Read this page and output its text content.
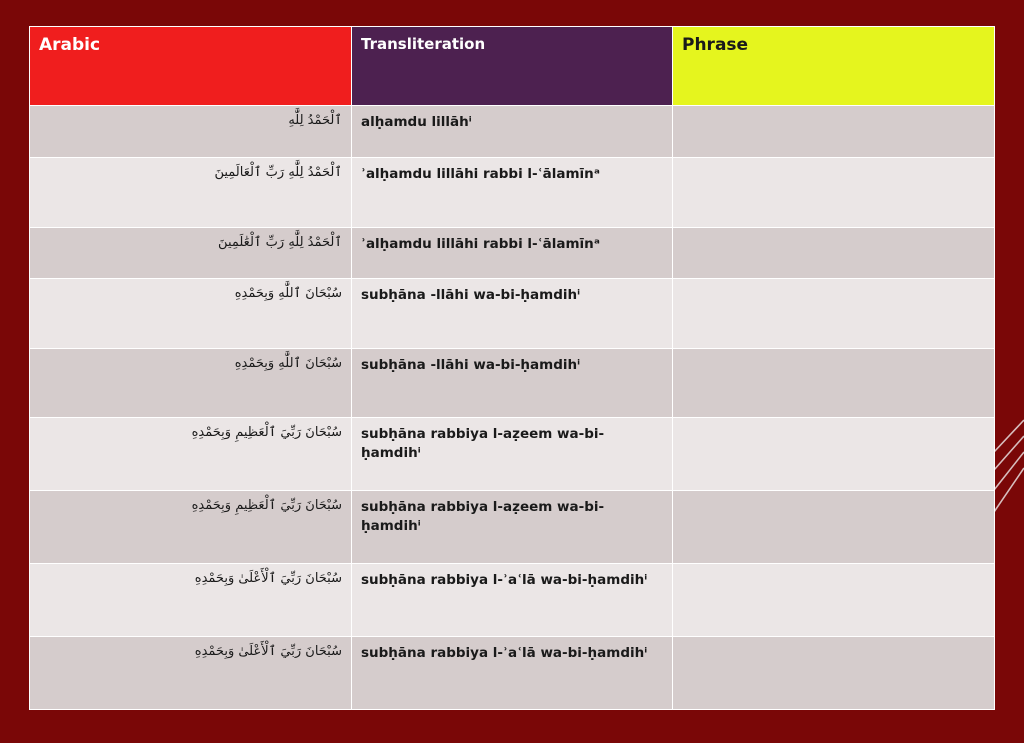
Arabic	Transliteration	Phrase
ٱلْحَمْدُ لِلَّٰهِ	alḥamdu lillāhⁱ	
ٱلْحَمْدُ لِلَّٰهِ رَبِّ ٱلْعَالَمِينَ	ʾalḥamdu lillāhi rabbi l-ʿālamīnᵃ	
ٱلْحَمْدُ لِلَّٰهِ رَبِّ ٱلْعَٰلَمِينَ	ʾalḥamdu lillāhi rabbi l-ʿālamīnᵃ	
سُبْحَانَ ٱللَّٰهِ وَبِحَمْدِهِ	subḥāna -llāhi wa-bi-ḥamdihⁱ	
سُبْحَانَ ٱللَّٰهِ وَبِحَمْدِهِ	subḥāna -llāhi wa-bi-ḥamdihⁱ	
سُبْحَانَ رَبِّيَ ٱلْعَظِيمِ وَبِحَمْدِهِ	subḥāna rabbiya l-aẓeem wa-bi-ḥamdihⁱ	
سُبْحَانَ رَبِّيَ ٱلْعَظِيمِ وَبِحَمْدِهِ	subḥāna rabbiya l-aẓeem wa-bi-ḥamdihⁱ	
سُبْحَانَ رَبِّيَ ٱلْأَعْلَىٰ وَبِحَمْدِهِ	subḥāna rabbiya l-ʾaʿlā wa-bi-ḥamdihⁱ	
سُبْحَانَ رَبِّيَ ٱلْأَعْلَىٰ وَبِحَمْدِهِ	subḥāna rabbiya l-ʾaʿlā wa-bi-ḥamdihⁱ	
